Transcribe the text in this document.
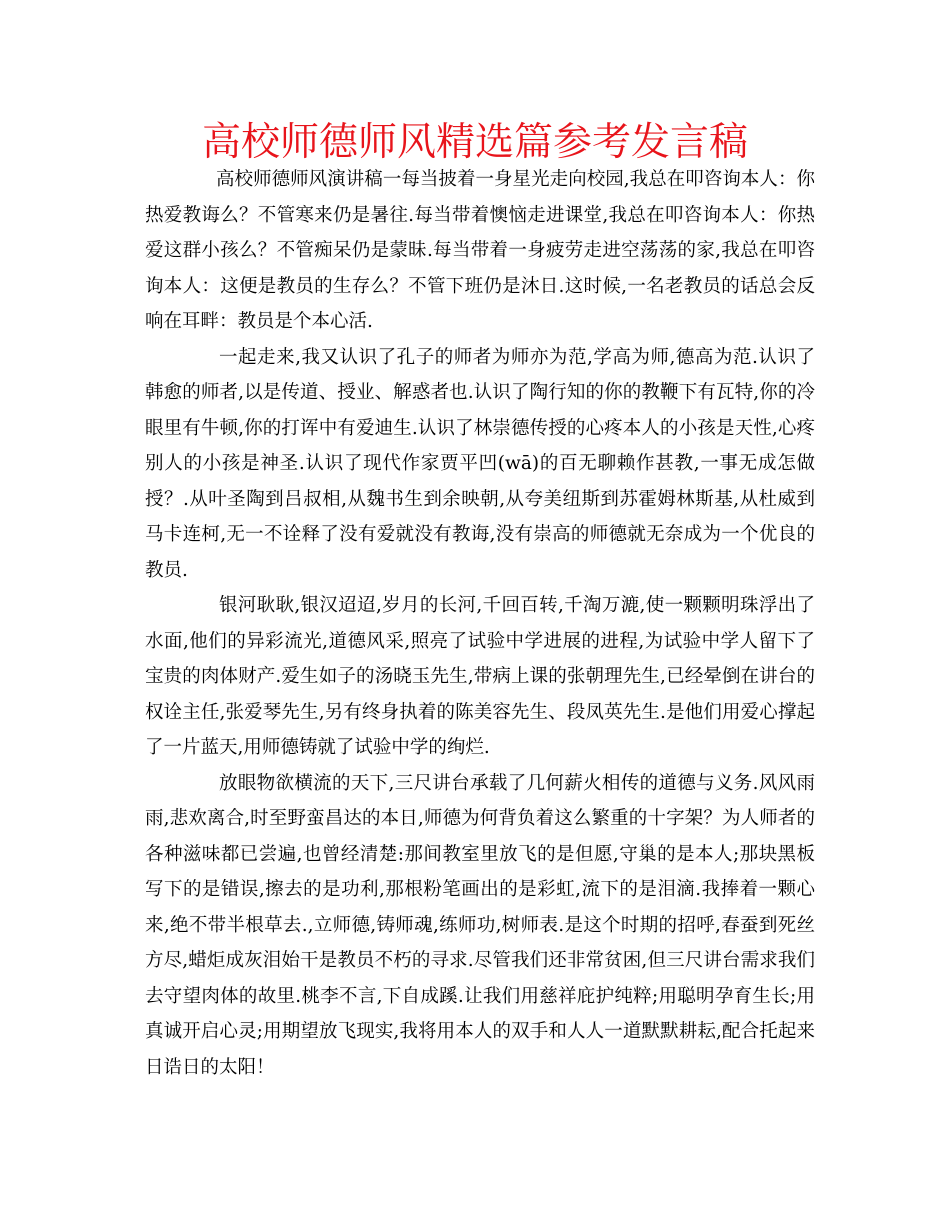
高校师德师风精选篇参考发言稿

高校师德师风演讲稿一每当披着一身星光走向校园,我总在叩咨询本人：你热爱教诲么？不管寒来仍是暑往.每当带着懊恼走进课堂,我总在叩咨询本人：你热爱这群小孩么？不管痴呆仍是蒙昧.每当带着一身疲劳走进空荡荡的家,我总在叩咨询本人：这便是教员的生存么？不管下班仍是沐日.这时候,一名老教员的话总会反响在耳畔：教员是个本心活.

一起走来,我又认识了孔子的师者为师亦为范,学高为师,德高为范.认识了韩愈的师者,以是传道、授业、解惑者也.认识了陶行知的你的教鞭下有瓦特,你的冷眼里有牛顿,你的打诨中有爱迪生.认识了林崇德传授的心疼本人的小孩是天性,心疼别人的小孩是神圣.认识了现代作家贾平凹(wā)的百无聊赖作甚教,一事无成怎做授？.从叶圣陶到吕叔相,从魏书生到余映朝,从夸美纽斯到苏霍姆林斯基,从杜威到马卡连柯,无一不诠释了没有爱就没有教诲,没有崇高的师德就无奈成为一个优良的教员.

银河耿耿,银汉迢迢,岁月的长河,千回百转,千淘万漉,使一颗颗明珠浮出了水面,他们的异彩流光,道德风采,照亮了试验中学进展的进程,为试验中学人留下了宝贵的肉体财产.爱生如子的汤晓玉先生,带病上课的张朝理先生,已经晕倒在讲台的权诠主任,张爱琴先生,另有终身执着的陈美容先生、段凤英先生.是他们用爱心撑起了一片蓝天,用师德铸就了试验中学的绚烂.

放眼物欲横流的天下,三尺讲台承载了几何薪火相传的道德与义务.风风雨雨,悲欢离合,时至野蛮昌达的本日,师德为何背负着这么繁重的十字架？为人师者的各种滋味都已尝遍,也曾经清楚:那间教室里放飞的是但愿,守巢的是本人;那块黑板写下的是错误,擦去的是功利,那根粉笔画出的是彩虹,流下的是泪滴.我捧着一颗心来,绝不带半根草去.,立师德,铸师魂,练师功,树师表.是这个时期的招呼,春蚕到死丝方尽,蜡炬成灰泪始干是教员不朽的寻求.尽管我们还非常贫困,但三尺讲台需求我们去守望肉体的故里.桃李不言,下自成蹊.让我们用慈祥庇护纯粹;用聪明孕育生长;用真诚开启心灵;用期望放飞现实,我将用本人的双手和人人一道默默耕耘,配合托起来日诰日的太阳！
